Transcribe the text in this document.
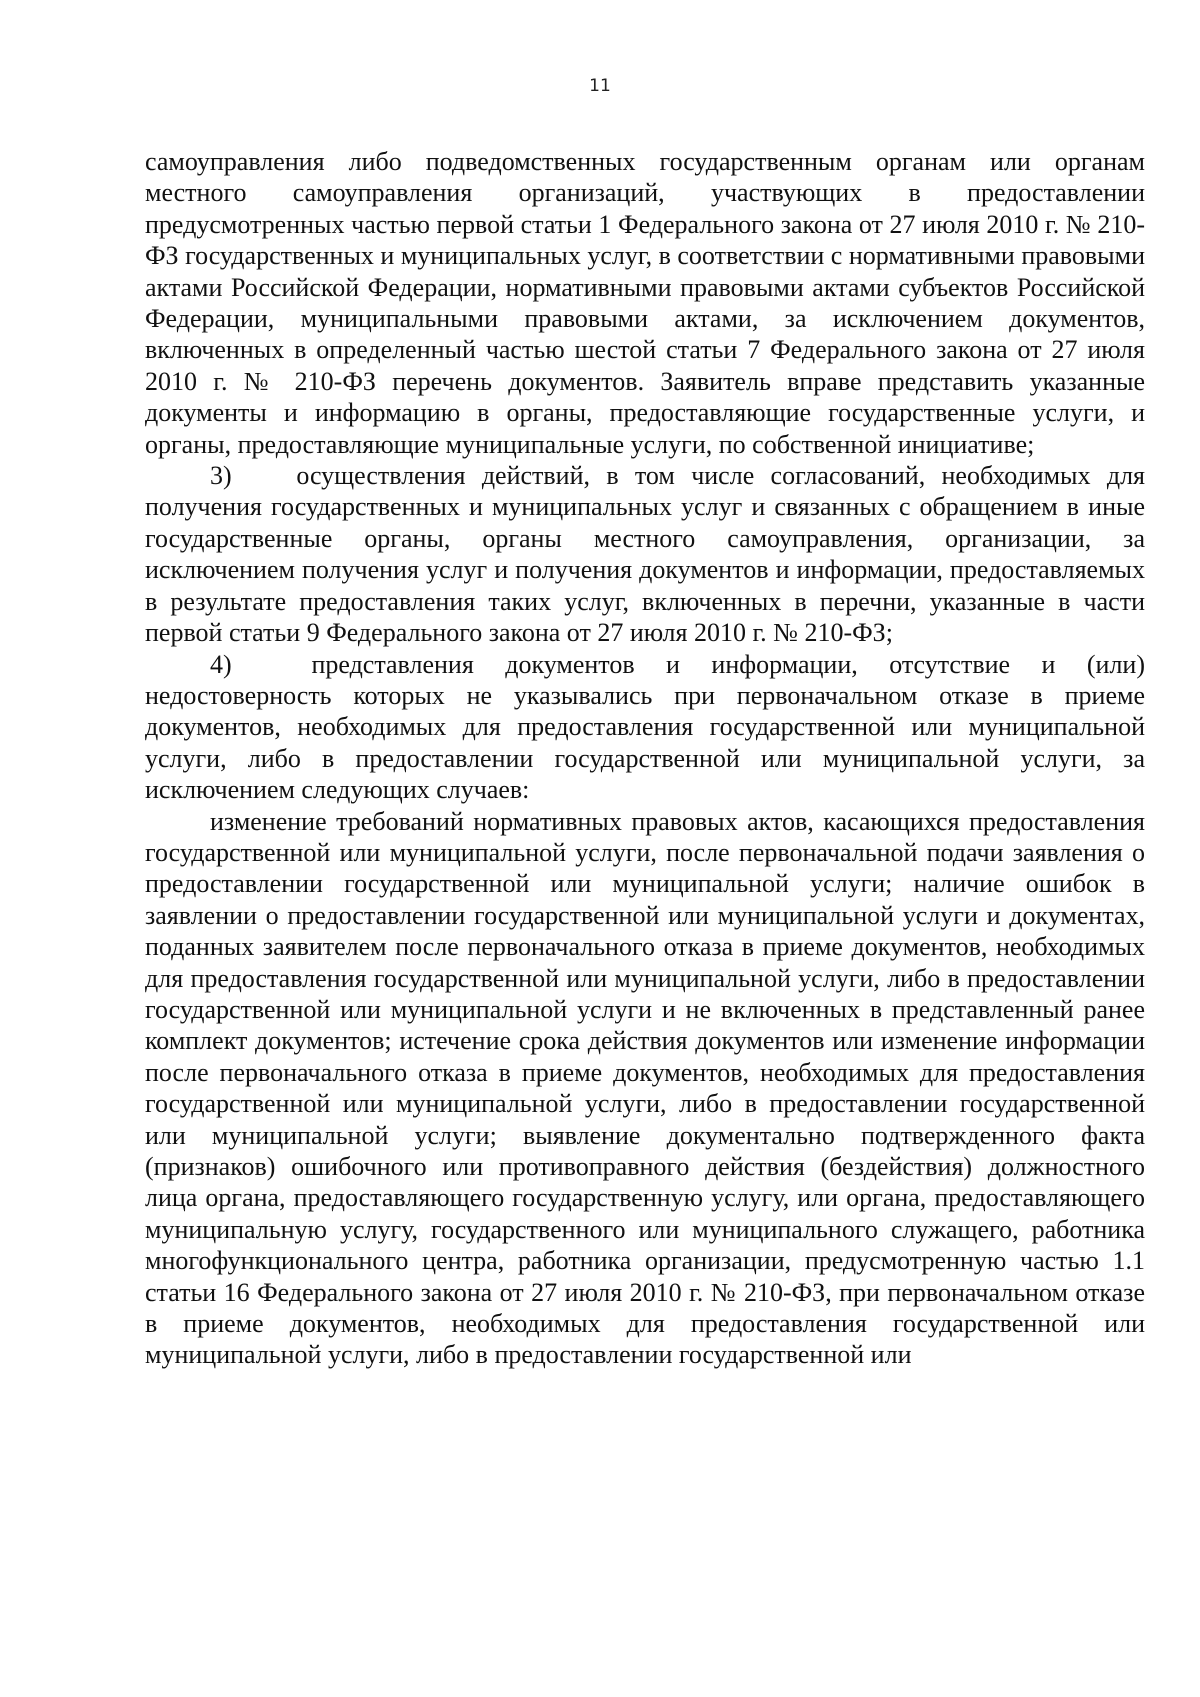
11

самоуправления либо подведомственных государственным органам или органам местного самоуправления организаций, участвующих в предоставлении предусмотренных частью первой статьи 1 Федерального закона от 27 июля 2010 г. № 210-ФЗ государственных и муниципальных услуг, в соответствии с нормативными правовыми актами Российской Федерации, нормативными правовыми актами субъектов Российской Федерации, муниципальными правовыми актами, за исключением документов, включенных в определенный частью шестой статьи 7 Федерального закона от 27 июля 2010 г. № 210-ФЗ перечень документов. Заявитель вправе представить указанные документы и информацию в органы, предоставляющие государственные услуги, и органы, предоставляющие муниципальные услуги, по собственной инициативе;

3) осуществления действий, в том числе согласований, необходимых для получения государственных и муниципальных услуг и связанных с обращением в иные государственные органы, органы местного самоуправления, организации, за исключением получения услуг и получения документов и информации, предоставляемых в результате предоставления таких услуг, включенных в перечни, указанные в части первой статьи 9 Федерального закона от 27 июля 2010 г. № 210-ФЗ;

4)	представления документов и информации, отсутствие и (или) недостоверность которых не указывались при первоначальном отказе в приеме документов, необходимых для предоставления государственной или муниципальной услуги, либо в предоставлении государственной или муниципальной услуги, за исключением следующих случаев:

изменение требований нормативных правовых актов, касающихся предоставления государственной или муниципальной услуги, после первоначальной подачи заявления о предоставлении государственной или муниципальной услуги; наличие ошибок в заявлении о предоставлении государственной или муниципальной услуги и документах, поданных заявителем после первоначального отказа в приеме документов, необходимых для предоставления государственной или муниципальной услуги, либо в предоставлении государственной или муниципальной услуги и не включенных в представленный ранее комплект документов; истечение срока действия документов или изменение информации после первоначального отказа в приеме документов, необходимых для предоставления государственной или муниципальной услуги, либо в предоставлении государственной или муниципальной услуги; выявление документально подтвержденного факта (признаков) ошибочного или противоправного действия (бездействия) должностного лица органа, предоставляющего государственную услугу, или органа, предоставляющего муниципальную услугу, государственного или муниципального служащего, работника многофункционального центра, работника организации, предусмотренную частью 1.1 статьи 16 Федерального закона от 27 июля 2010 г. № 210-ФЗ, при первоначальном отказе в приеме документов, необходимых для предоставления государственной или муниципальной услуги, либо в предоставлении государственной или
